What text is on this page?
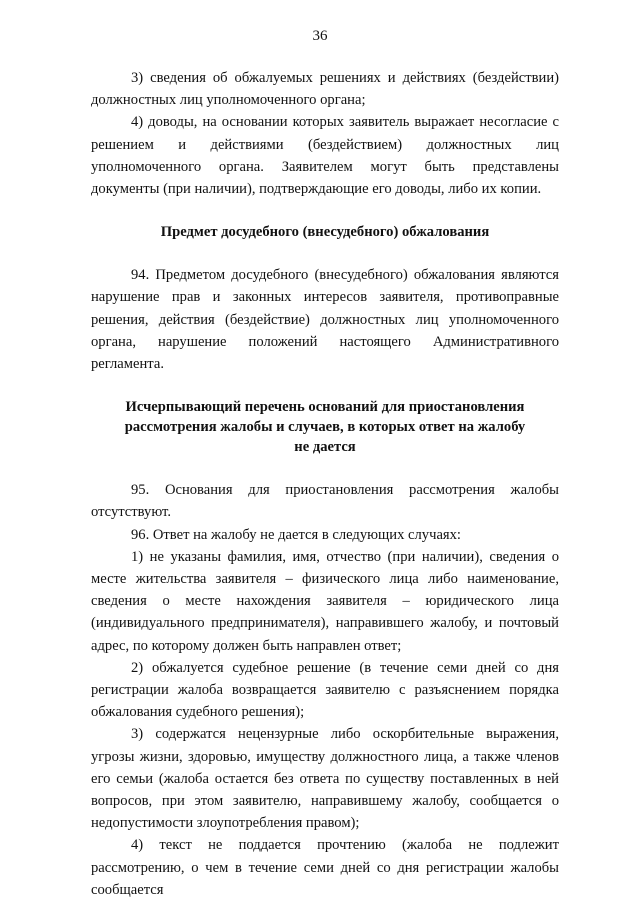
36

3) сведения об обжалуемых решениях и действиях (бездействии) должностных лиц уполномоченного органа;

4) доводы, на основании которых заявитель выражает несогласие с решением и действиями (бездействием) должностных лиц уполномоченного органа. Заявителем могут быть представлены документы (при наличии), подтверждающие его доводы, либо их копии.

Предмет досудебного (внесудебного) обжалования

94. Предметом досудебного (внесудебного) обжалования являются нарушение прав и законных интересов заявителя, противоправные решения, действия (бездействие) должностных лиц уполномоченного органа, нарушение положений настоящего Административного регламента.

Исчерпывающий перечень оснований для приостановления

рассмотрения жалобы и случаев, в которых ответ на жалобу

не дается

95. Основания для приостановления рассмотрения жалобы отсутствуют.

96. Ответ на жалобу не дается в следующих случаях:

1) не указаны фамилия, имя, отчество (при наличии), сведения о месте жительства заявителя – физического лица либо наименование, сведения о месте нахождения заявителя – юридического лица (индивидуального предпринимателя), направившего жалобу, и почтовый адрес, по которому должен быть направлен ответ;

2) обжалуется судебное решение (в течение семи дней со дня регистрации жалоба возвращается заявителю с разъяснением порядка обжалования судебного решения);

3) содержатся нецензурные либо оскорбительные выражения, угрозы жизни, здоровью, имуществу должностного лица, а также членов его семьи (жалоба остается без ответа по существу поставленных в ней вопросов, при этом заявителю, направившему жалобу, сообщается о недопустимости злоупотребления правом);

4) текст не поддается прочтению (жалоба не подлежит рассмотрению, о чем в течение семи дней со дня регистрации жалобы сообщается
